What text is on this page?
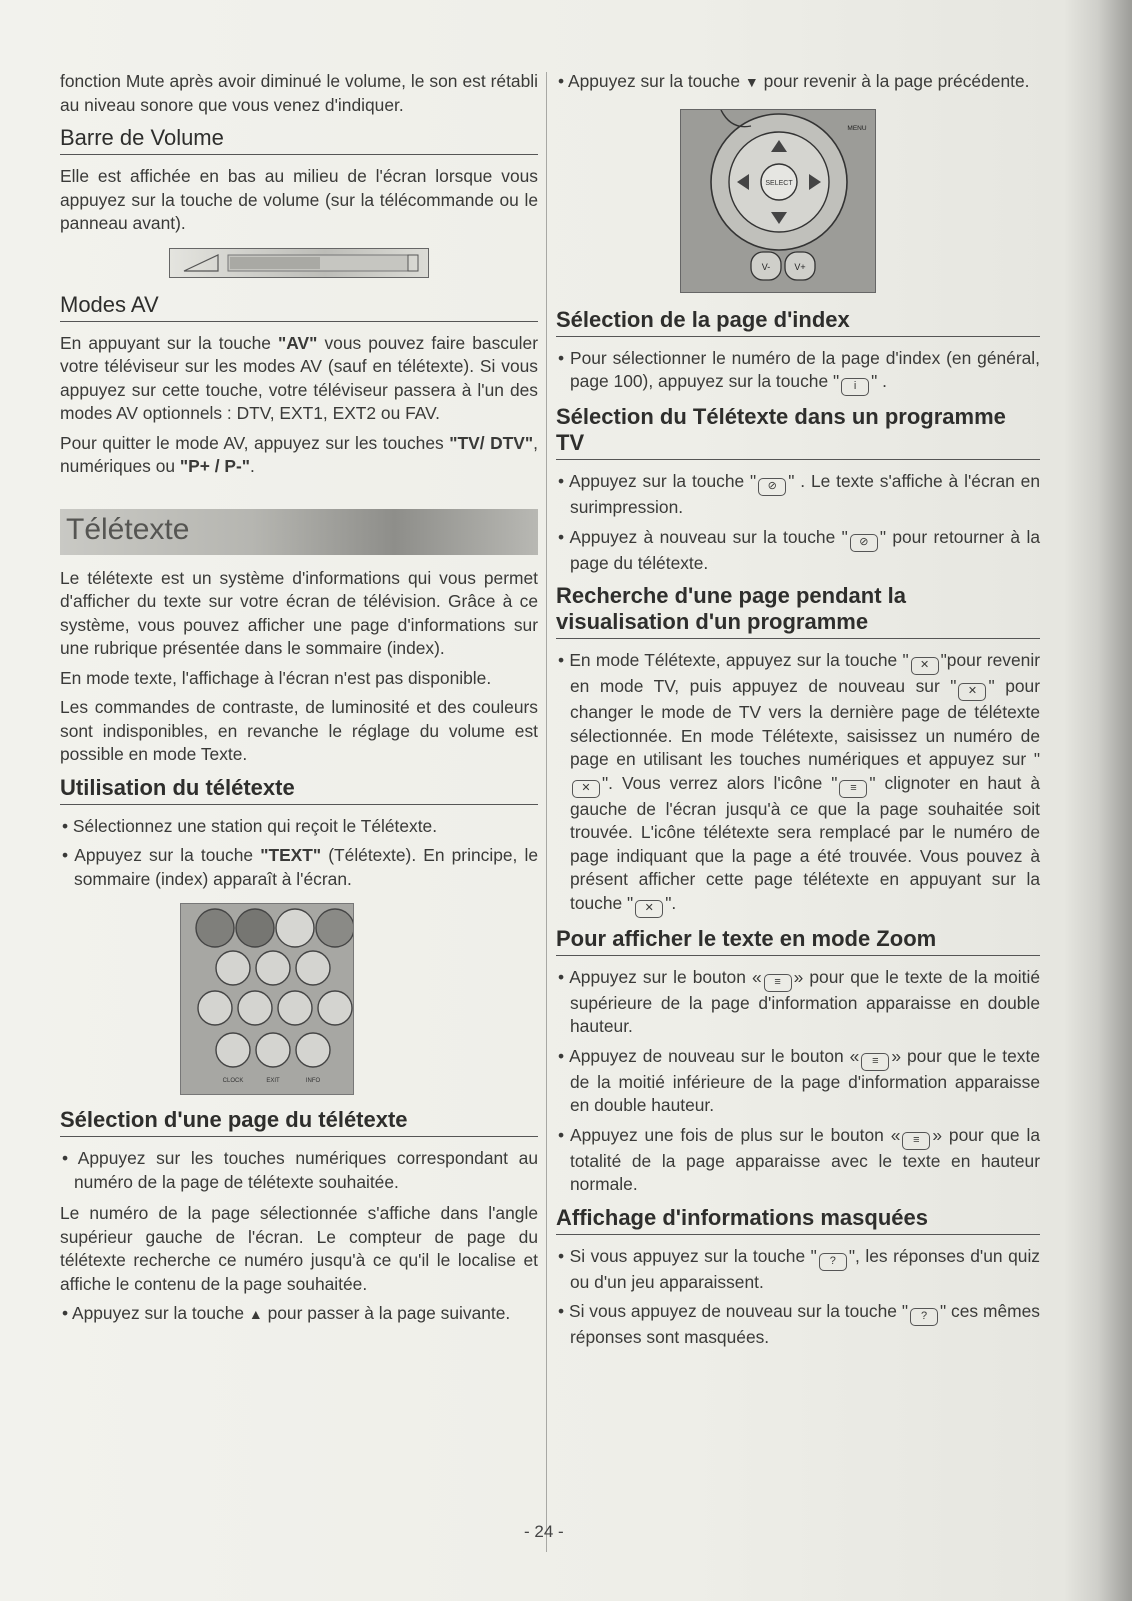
fonction Mute après avoir diminué le volume, le son est rétabli au niveau sonore que vous venez d'indiquer.

Barre de Volume

Elle est affichée en bas au milieu de l'écran lorsque vous appuyez sur la touche de volume (sur la télécommande ou le panneau avant).

Modes AV

En appuyant sur la touche "AV" vous pouvez faire basculer votre téléviseur sur les modes AV (sauf en télétexte). Si vous appuyez sur cette touche, votre téléviseur passera à l'un des modes AV optionnels : DTV, EXT1, EXT2 ou FAV.

Pour quitter le mode AV, appuyez sur les touches "TV/ DTV", numériques ou "P+ / P-".

Télétexte

Le télétexte est un système d'informations qui vous permet d'afficher du texte sur votre écran de télévision. Grâce à ce système, vous pouvez afficher une page d'informations sur une rubrique présentée dans le sommaire (index).

En mode texte, l'affichage à l'écran n'est pas disponible.

Les commandes de contraste, de luminosité et des couleurs sont indisponibles, en revanche le réglage du volume est possible en mode Texte.

Utilisation du télétexte
• Sélectionnez une station qui reçoit le Télétexte.
• Appuyez sur la touche "TEXT" (Télétexte). En principe, le sommaire (index) apparaît à l'écran.
CLOCK	EXIT	INFO
Sélection d'une page du télétexte
• Appuyez sur les touches numériques correspondant au numéro de la page de télétexte souhaitée.

Le numéro de la page sélectionnée s'affiche dans l'angle supérieur gauche de l'écran. Le compteur de page du télétexte recherche ce numéro jusqu'à ce qu'il le localise et affiche le contenu de la page souhaitée.

• Appuyez sur la touche ▲ pour passer à la page suivante.
• Appuyez sur la touche ▼ pour revenir à la page précédente.
SELECT
MENU
V-	V+
Sélection de la page d'index
• Pour sélectionner le numéro de la page d'index (en général, page 100), appuyez sur la touche " i " .
Sélection du Télétexte dans un programme TV
• Appuyez sur la touche " ⊘ " . Le texte s'affiche à l'écran en surimpression.
• Appuyez à nouveau sur la touche " ⊘ " pour retourner à la page du télétexte.
Recherche d'une page pendant la visualisation d'un programme
• En mode Télétexte, appuyez sur la touche " ✕ "pour revenir en mode TV, puis appuyez de nouveau sur " ✕ " pour changer le mode de TV vers la dernière page de télétexte sélectionnée. En mode Télétexte, saisissez un numéro de page en utilisant les touches numériques et appuyez sur "✕ ". Vous verrez alors l'icône " ≡ " clignoter en haut à gauche de l'écran jusqu'à ce que la page souhaitée soit trouvée. L'icône télétexte sera remplacé par le numéro de page indiquant que la page a été trouvée. Vous pouvez à présent afficher cette page télétexte en appuyant sur la touche " ✕ ".
Pour afficher le texte en mode Zoom
• Appuyez sur le bouton « ≡ » pour que le texte de la moitié supérieure de la page d'information apparaisse en double hauteur.
• Appuyez de nouveau sur le bouton « ≡ » pour que le texte de la moitié inférieure de la page d'information apparaisse en double hauteur.
• Appuyez une fois de plus sur le bouton « ≡ » pour que la totalité de la page apparaisse avec le texte en hauteur normale.
Affichage d'informations masquées
• Si vous appuyez sur la touche " ? ", les réponses d'un quiz ou d'un jeu apparaissent.
• Si vous appuyez de nouveau sur la touche " ? " ces mêmes réponses sont masquées.
- 24 -
